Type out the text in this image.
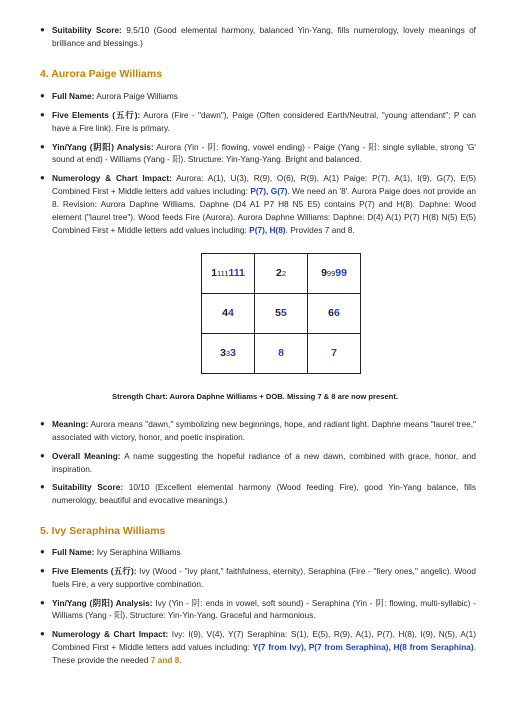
● Suitability Score: 9.5/10 (Good elemental harmony, balanced Yin-Yang, fills numerology, lovely meanings of brilliance and blessings.)
4. Aurora Paige Williams
● Full Name: Aurora Paige Williams
● Five Elements (五行): Aurora (Fire - "dawn"), Paige (Often considered Earth/Neutral, "young attendant"; P can have a Fire link). Fire is primary.
● Yin/Yang (阴阳) Analysis: Aurora (Yin - 阴: flowing, vowel ending) - Paige (Yang - 阳: single syllable, strong 'G' sound at end) - Williams (Yang - 阳). Structure: Yin-Yang-Yang. Bright and balanced.
● Numerology & Chart Impact: Aurora: A(1), U(3), R(9), O(6), R(9), A(1) Paige: P(7), A(1), I(9), G(7), E(5) Combined First + Middle letters add values including: P(7), G(7). We need an '8'. Aurora Paige does not provide an 8. Revision: Aurora Daphne Williams. Daphne (D4 A1 P7 H8 N5 E5) contains P(7) and H(8). Daphne: Wood element ("laurel tree"). Wood feeds Fire (Aurora). Aurora Daphne Williams: Daphne: D(4) A(1) P(7) H(8) N(5) E(5) Combined First + Middle letters add values including: P(7), H(8). Provides 7 and 8.
1111111	22	99999
44	55	66
333	8	7
Strength Chart: Aurora Daphne Williams + DOB. Missing 7 & 8 are now present.
● Meaning: Aurora means "dawn," symbolizing new beginnings, hope, and radiant light. Daphne means "laurel tree," associated with victory, honor, and poetic inspiration.
● Overall Meaning: A name suggesting the hopeful radiance of a new dawn, combined with grace, honor, and inspiration.
● Suitability Score: 10/10 (Excellent elemental harmony (Wood feeding Fire), good Yin-Yang balance, fills numerology, beautiful and evocative meanings.)
5. Ivy Seraphina Williams
● Full Name: Ivy Seraphina Williams
● Five Elements (五行): Ivy (Wood - "ivy plant," faithfulness, eternity), Seraphina (Fire - "fiery ones," angelic). Wood fuels Fire, a very supportive combination.
● Yin/Yang (阴阳) Analysis: Ivy (Yin - 阴: ends in vowel, soft sound) - Seraphina (Yin - 阴: flowing, multi-syllabic) - Williams (Yang - 阳). Structure: Yin-Yin-Yang. Graceful and harmonious.
● Numerology & Chart Impact: Ivy: I(9), V(4), Y(7) Seraphina: S(1), E(5), R(9), A(1), P(7), H(8), I(9), N(5), A(1) Combined First + Middle letters add values including: Y(7 from Ivy), P(7 from Seraphina), H(8 from Seraphina). These provide the needed 7 and 8.
